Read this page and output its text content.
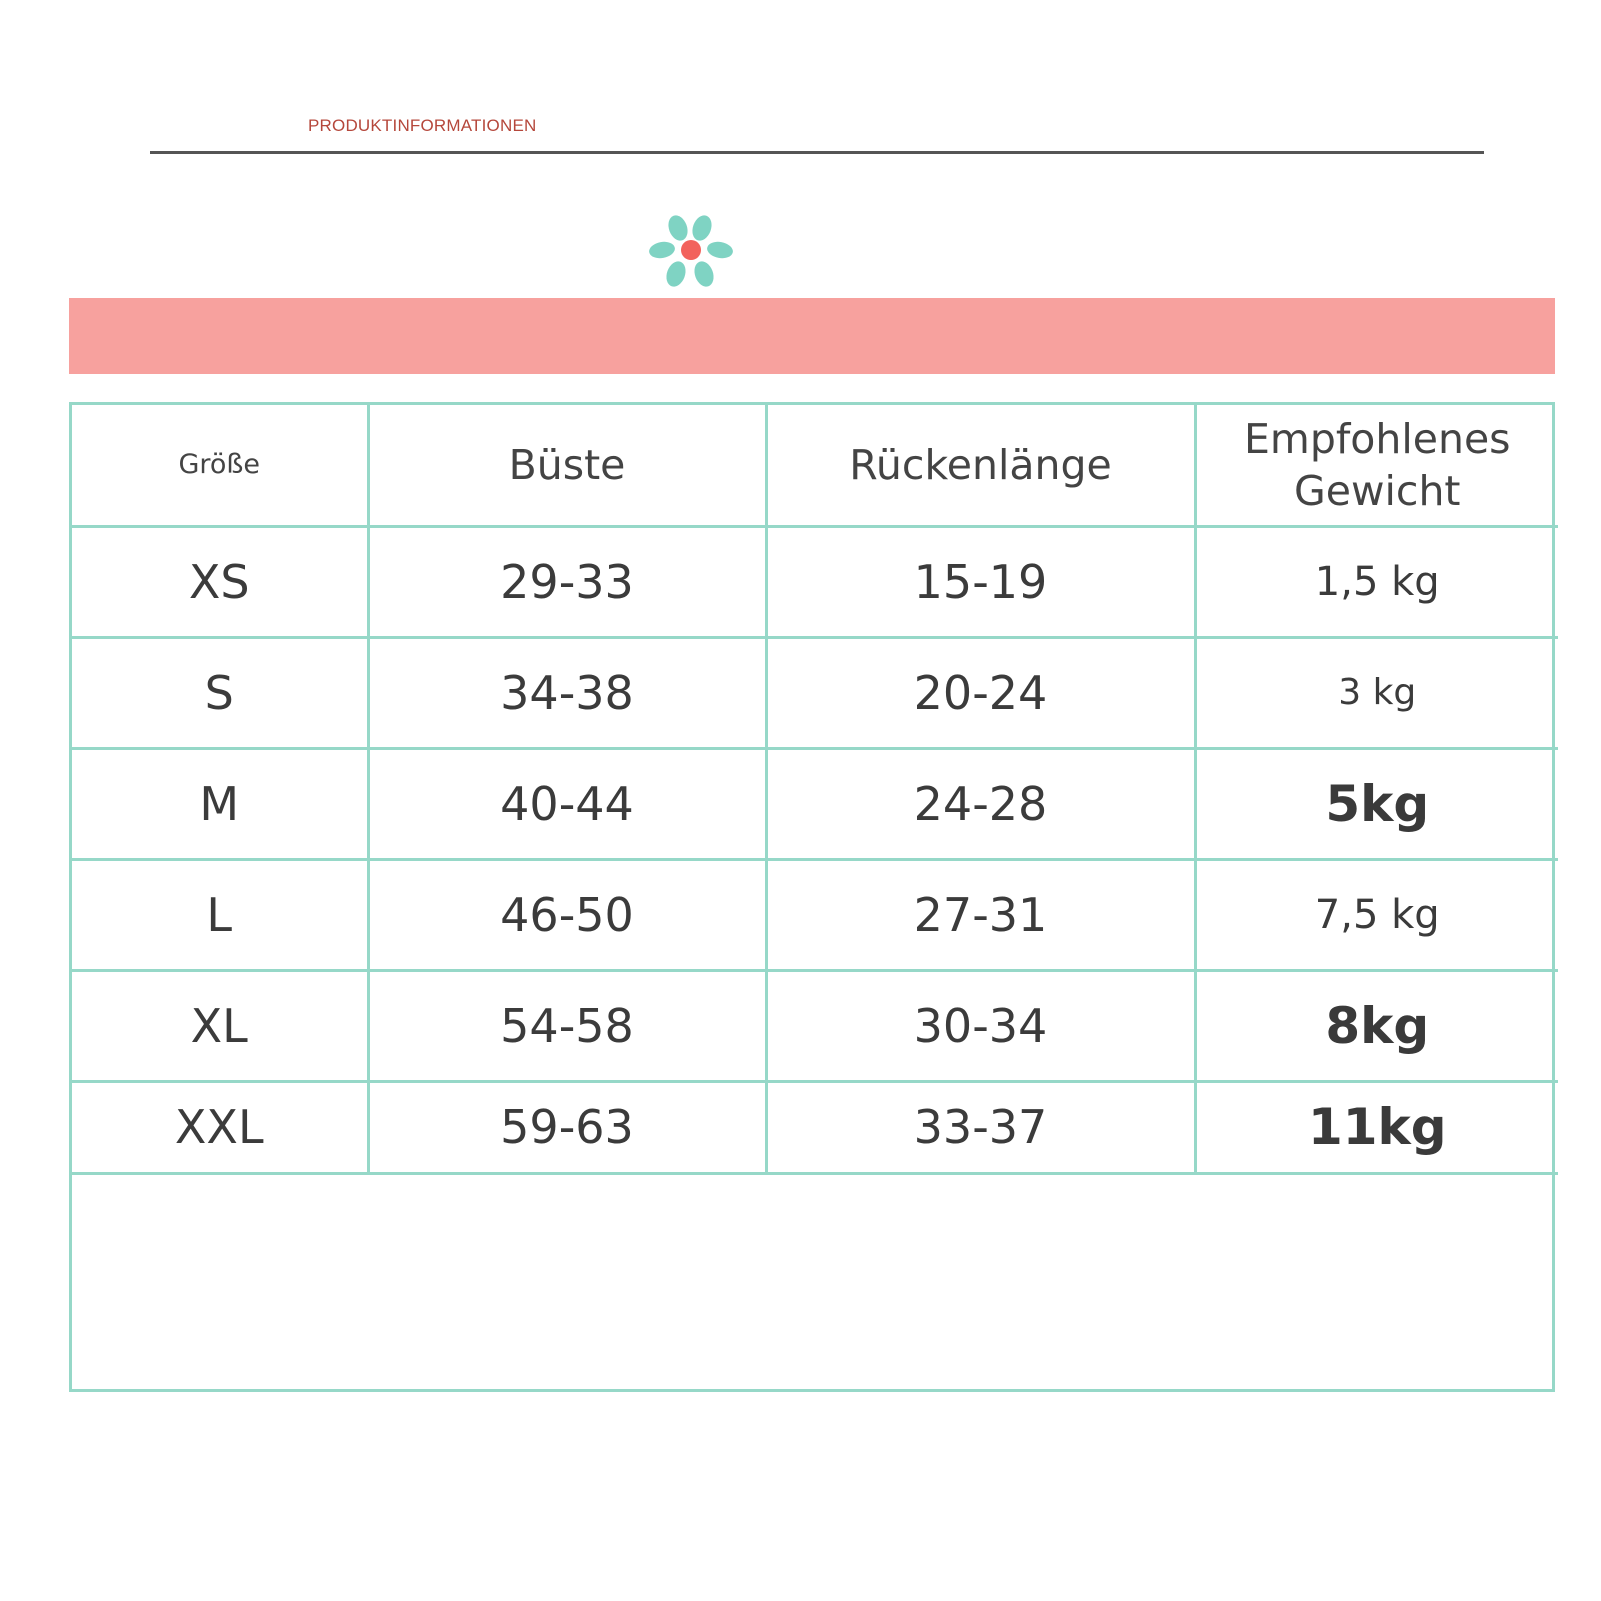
PRODUKTINFORMATIONEN
Größe	Büste	Rückenlänge	Empfohlenes
Gewicht

XS	29-33	15-19	1,5 kg
S	34-38	20-24	3 kg
M	40-44	24-28	5kg
L	46-50	27-31	7,5 kg
XL	54-58	30-34	8kg
XXL	59-63	33-37	11kg
